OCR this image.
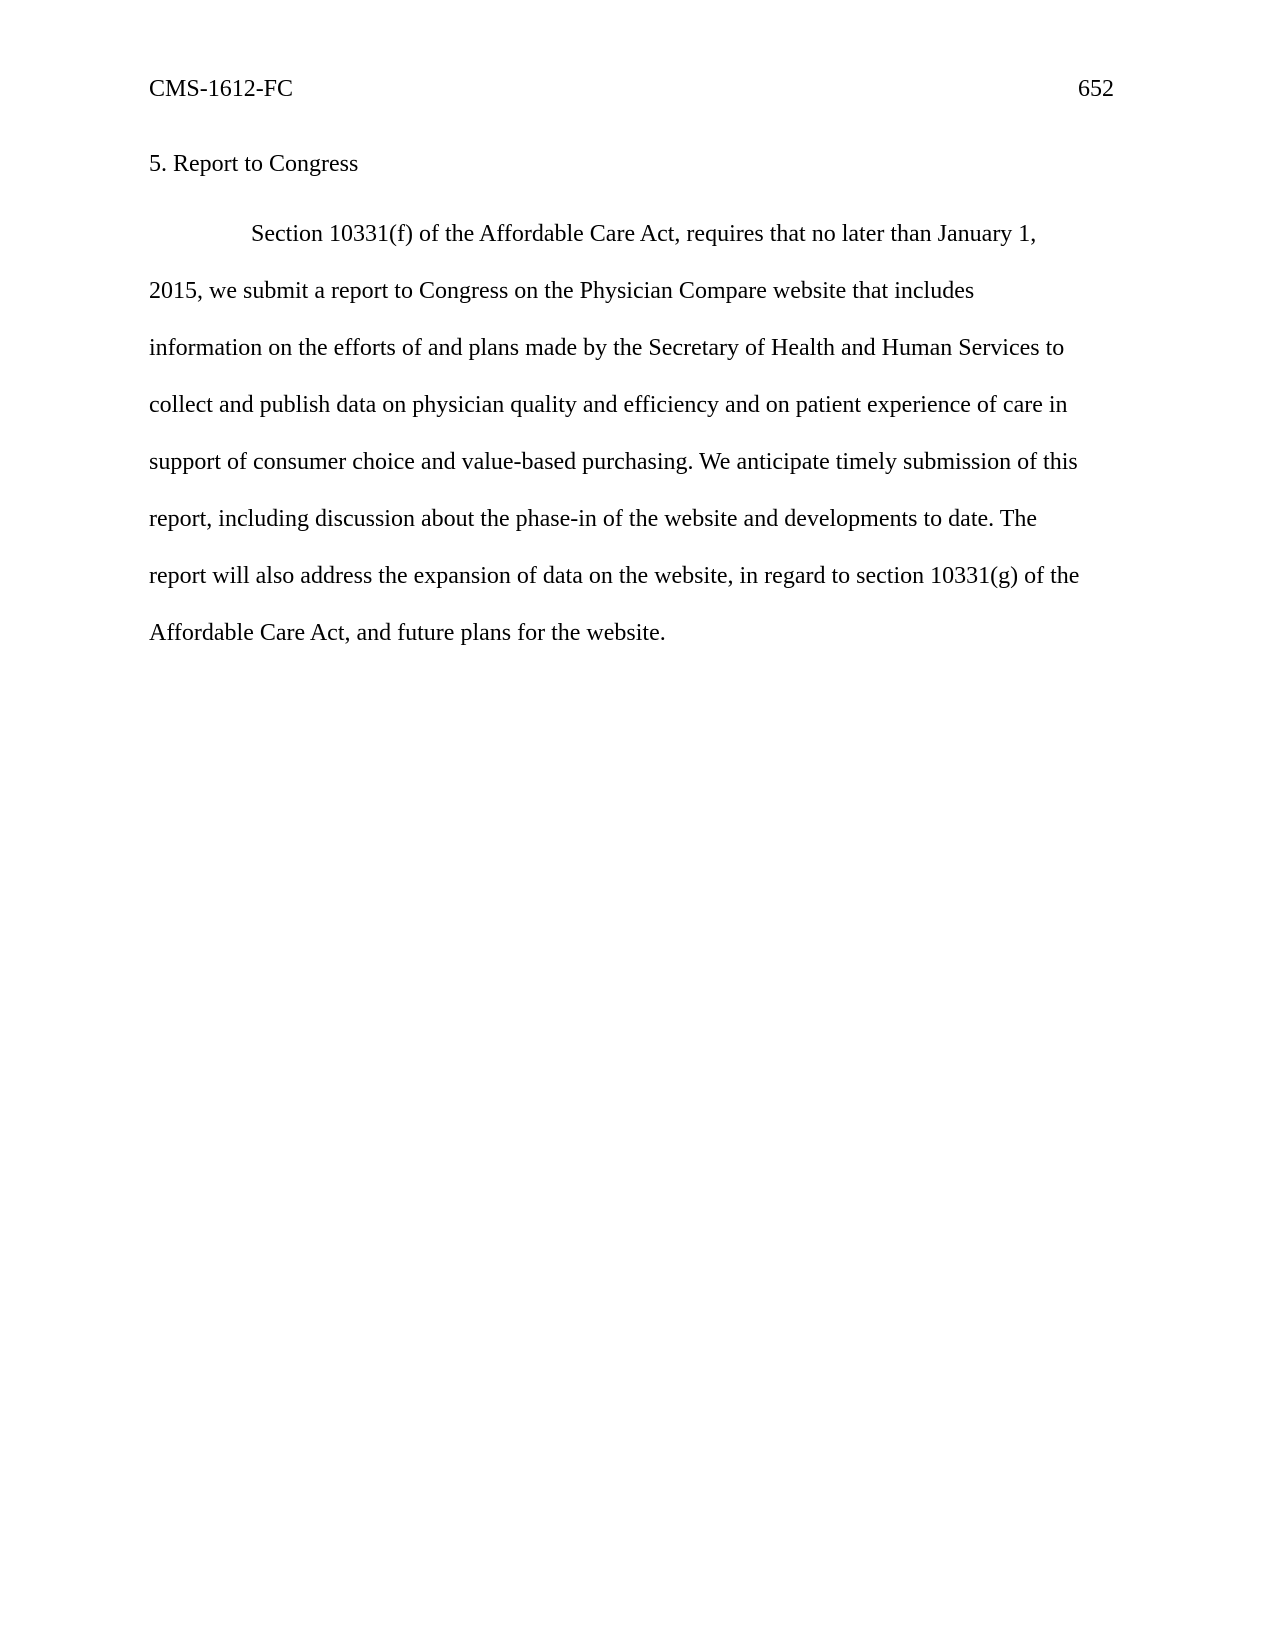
CMS-1612-FC	652
5. Report to Congress
Section 10331(f) of the Affordable Care Act, requires that no later than January 1,
2015, we submit a report to Congress on the Physician Compare website that includes
information on the efforts of and plans made by the Secretary of Health and Human Services to
collect and publish data on physician quality and efficiency and on patient experience of care in
support of consumer choice and value-based purchasing. We anticipate timely submission of this
report, including discussion about the phase-in of the website and developments to date. The
report will also address the expansion of data on the website, in regard to section 10331(g) of the
Affordable Care Act, and future plans for the website.
